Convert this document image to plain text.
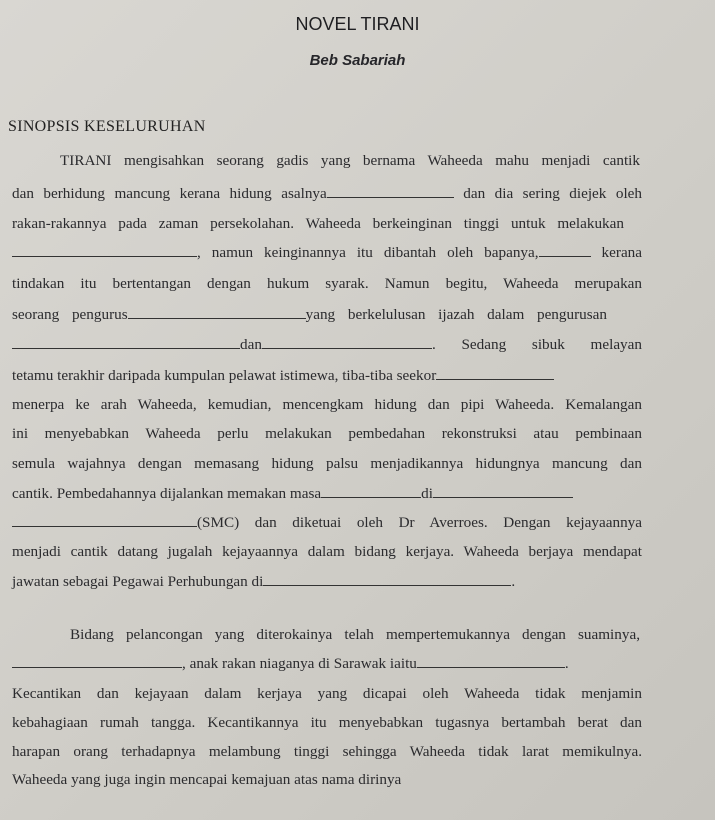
NOVEL TIRANI
Beb Sabariah
SINOPSIS KESELURUHAN
TIRANI mengisahkan seorang gadis yang bernama Waheeda mahu menjadi cantik
dan berhidung mancung kerana hidung asalnya	dan dia sering diejek oleh
rakan-rakannya pada zaman persekolahan. Waheeda berkeinginan tinggi untuk melakukan
, namun keinginannya itu dibantah oleh bapanya,	kerana
tindakan itu bertentangan dengan hukum syarak. Namun begitu, Waheeda merupakan
seorang pengurus	yang berkelulusan ijazah dalam pengurusan
dan	. Sedang sibuk melayan
tetamu terakhir daripada kumpulan pelawat istimewa, tiba-tiba seekor
menerpa ke arah Waheeda, kemudian, mencengkam hidung dan pipi Waheeda. Kemalangan
ini menyebabkan Waheeda perlu melakukan pembedahan rekonstruksi atau pembinaan
semula wajahnya dengan memasang hidung palsu menjadikannya hidungnya mancung dan
cantik. Pembedahannya dijalankan memakan masa	di
(SMC) dan diketuai oleh Dr Averroes. Dengan kejayaannya
menjadi cantik datang jugalah kejayaannya dalam bidang kerjaya. Waheeda berjaya mendapat
jawatan sebagai Pegawai Perhubungan di	.
Bidang pelancongan yang diterokainya telah mempertemukannya dengan suaminya,
, anak rakan niaganya di Sarawak iaitu	.
Kecantikan dan kejayaan dalam kerjaya yang dicapai oleh Waheeda tidak menjamin
kebahagiaan rumah tangga. Kecantikannya itu menyebabkan tugasnya bertambah berat dan
harapan orang terhadapnya melambung tinggi sehingga Waheeda tidak larat memikulnya.
Waheeda yang juga ingin mencapai kemajuan atas nama dirinya
